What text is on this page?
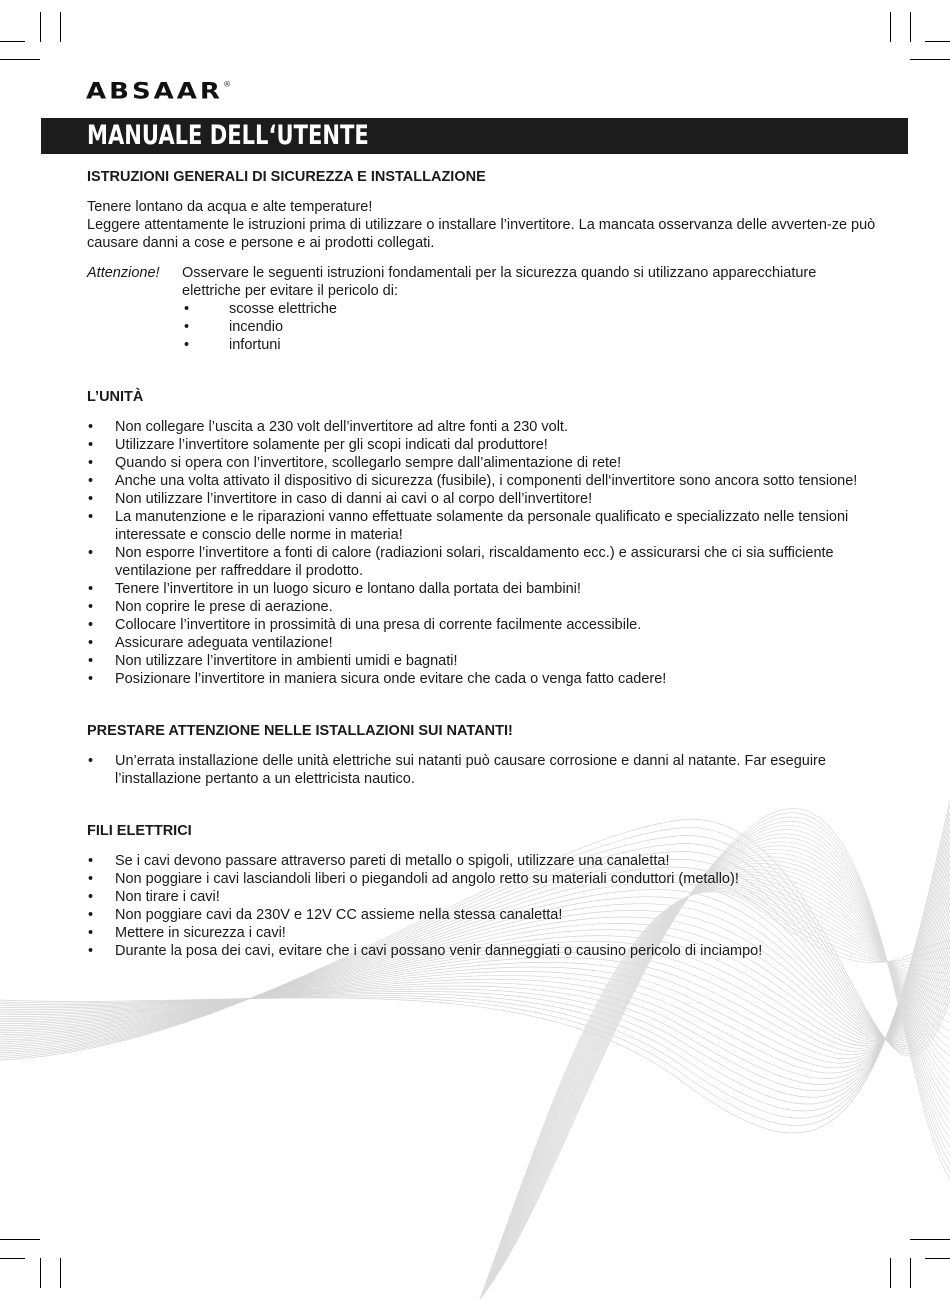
ABSAAR®
MANUALE DELL‘UTENTE
ISTRUZIONI GENERALI DI SICUREZZA E INSTALLAZIONE

Tenere lontano da acqua e alte temperature!

Leggere attentamente le istruzioni prima di utilizzare o installare l’invertitore. La mancata osservanza delle avverten-ze può causare danni a cose e persone e ai prodotti collegati.

Attenzione!	Osservare le seguenti istruzioni fondamentali per la sicurezza quando si utilizzano apparecchiature elettriche per evitare il pericolo di:
•	scosse elettriche
•	incendio
•	infortuni
L’UNITÀ
• Non collegare l’uscita a 230 volt dell’invertitore ad altre fonti a 230 volt.
• Utilizzare l’invertitore solamente per gli scopi indicati dal produttore!
• Quando si opera con l’invertitore, scollegarlo sempre dall’alimentazione di rete!
• Anche una volta attivato il dispositivo di sicurezza (fusibile), i componenti dell‘invertitore sono ancora sotto tensione!
• Non utilizzare l’invertitore in caso di danni ai cavi o al corpo dell’invertitore!
• La manutenzione e le riparazioni vanno effettuate solamente da personale qualificato e specializzato nelle tensioni interessate e conscio delle norme in materia!
• Non esporre l’invertitore a fonti di calore (radiazioni solari, riscaldamento ecc.) e assicurarsi che ci sia sufficiente ventilazione per raffreddare il prodotto.
• Tenere l’invertitore in un luogo sicuro e lontano dalla portata dei bambini!
• Non coprire le prese di aerazione.
• Collocare l’invertitore in prossimità di una presa di corrente facilmente accessibile.
• Assicurare adeguata ventilazione!
• Non utilizzare l’invertitore in ambienti umidi e bagnati!
• Posizionare l’invertitore in maniera sicura onde evitare che cada o venga fatto cadere!
PRESTARE ATTENZIONE NELLE ISTALLAZIONI SUI NATANTI!
• Un’errata installazione delle unità elettriche sui natanti può causare corrosione e danni al natante. Far eseguire l’installazione pertanto a un elettricista nautico.
FILI ELETTRICI
• Se i cavi devono passare attraverso pareti di metallo o spigoli, utilizzare una canaletta!
• Non poggiare i cavi lasciandoli liberi o piegandoli ad angolo retto su materiali conduttori (metallo)!
• Non tirare i cavi!
• Non poggiare cavi da 230V e 12V CC assieme nella stessa canaletta!
• Mettere in sicurezza i cavi!
• Durante la posa dei cavi, evitare che i cavi possano venir danneggiati o causino pericolo di inciampo!
